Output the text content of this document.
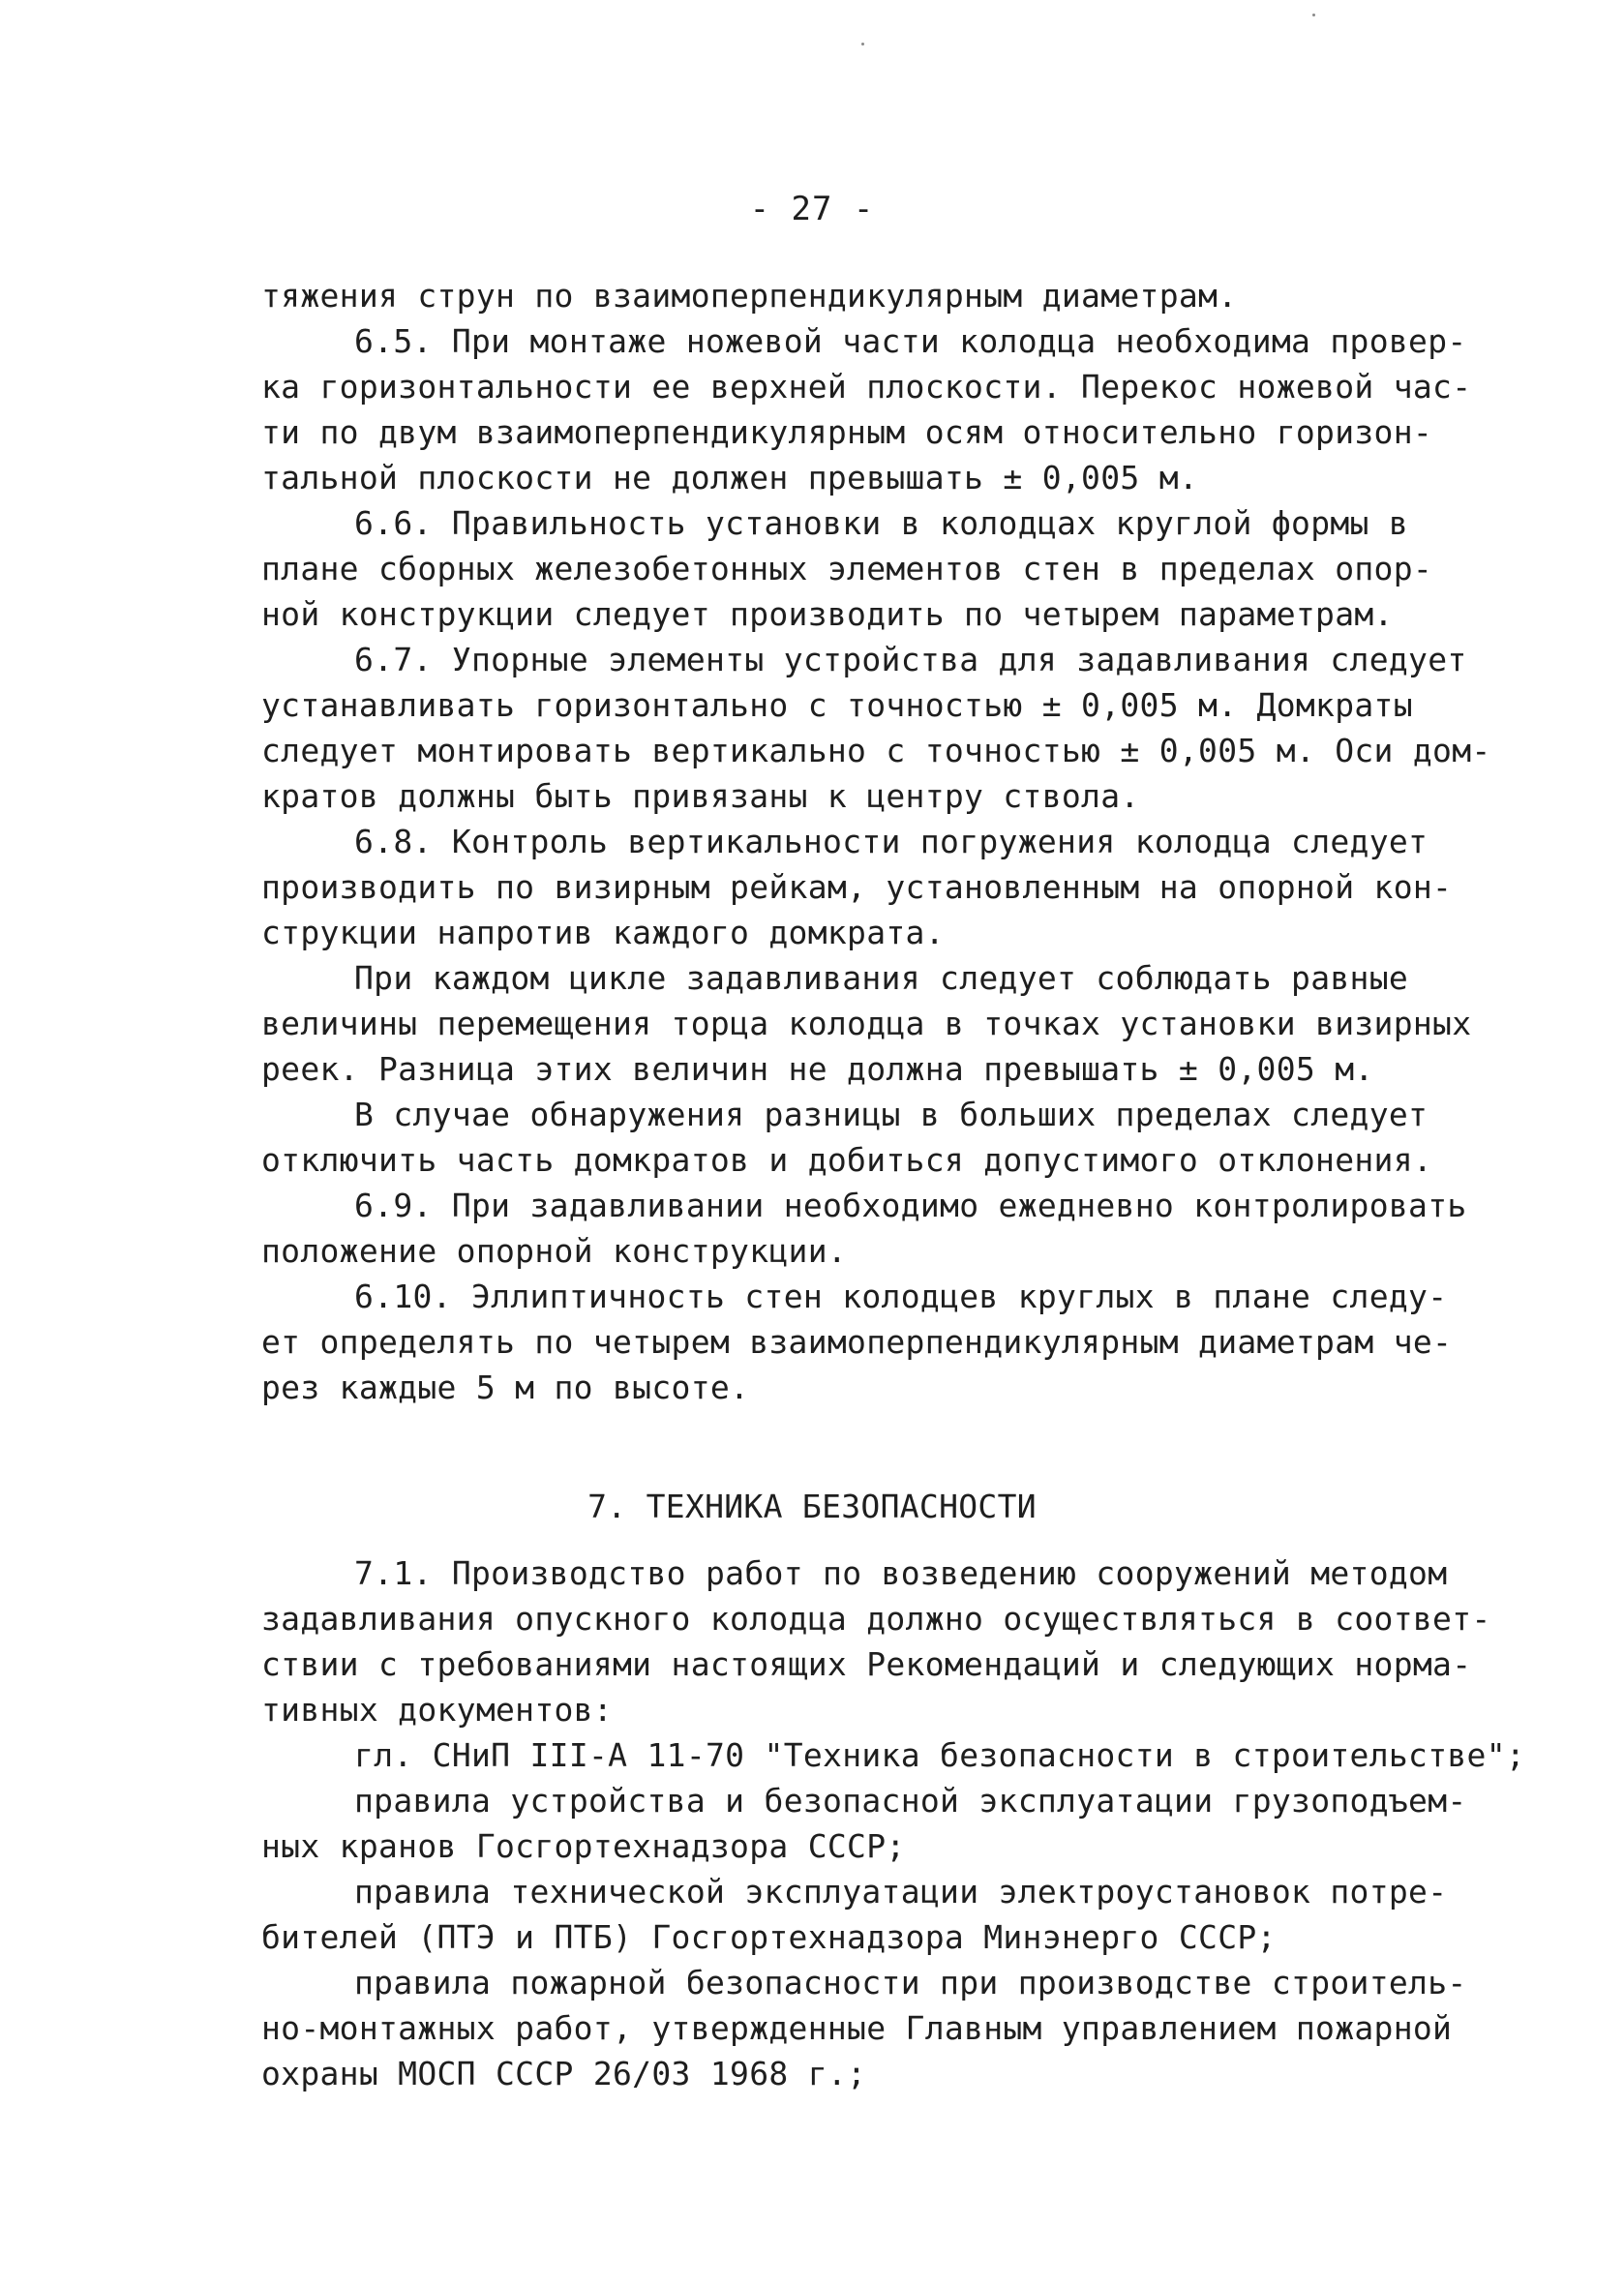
- 27 -
тяжения струн по взаимоперпендикулярным диаметрам.
6.5. При монтаже ножевой части колодца необходима провер-
ка горизонтальности ее верхней плоскости. Перекос ножевой час-
ти по двум взаимоперпендикулярным осям относительно горизон-
тальной плоскости не должен превышать ± 0,005 м.
6.6. Правильность установки в колодцах круглой формы в
плане сборных железобетонных элементов стен в пределах опор-
ной конструкции следует производить по четырем параметрам.
6.7. Упорные элементы устройства для задавливания следует
устанавливать горизонтально с точностью ± 0,005 м. Домкраты
следует монтировать вертикально с точностью ± 0,005 м. Оси дом-
кратов должны быть привязаны к центру ствола.
6.8. Контроль вертикальности погружения колодца следует
производить по визирным рейкам, установленным на опорной кон-
струкции напротив каждого домкрата.
При каждом цикле задавливания следует соблюдать равные
величины перемещения торца колодца в точках установки визирных
реек. Разница этих величин не должна превышать ± 0,005 м.
В случае обнаружения разницы в больших пределах следует
отключить часть домкратов и добиться допустимого отклонения.
6.9. При задавливании необходимо ежедневно контролировать
положение опорной конструкции.
6.10. Эллиптичность стен колодцев круглых в плане следу-
ет определять по четырем взаимоперпендикулярным диаметрам че-
рез каждые 5 м по высоте.
7. ТЕХНИКА БЕЗОПАСНОСТИ
7.1. Производство работ по возведению сооружений методом
задавливания опускного колодца должно осуществляться в соответ-
ствии с требованиями настоящих Рекомендаций и следующих норма-
тивных документов:
гл. СНиП III-А 11-70 "Техника безопасности в строительстве";
правила устройства и безопасной эксплуатации грузоподъем-
ных кранов Госгортехнадзора СССР;
правила технической эксплуатации электроустановок потре-
бителей (ПТЭ и ПТБ) Госгортехнадзора Минэнерго СССР;
правила пожарной безопасности при производстве строитель-
но-монтажных работ, утвержденные Главным управлением пожарной
охраны МОСП СССР 26/03 1968 г.;
